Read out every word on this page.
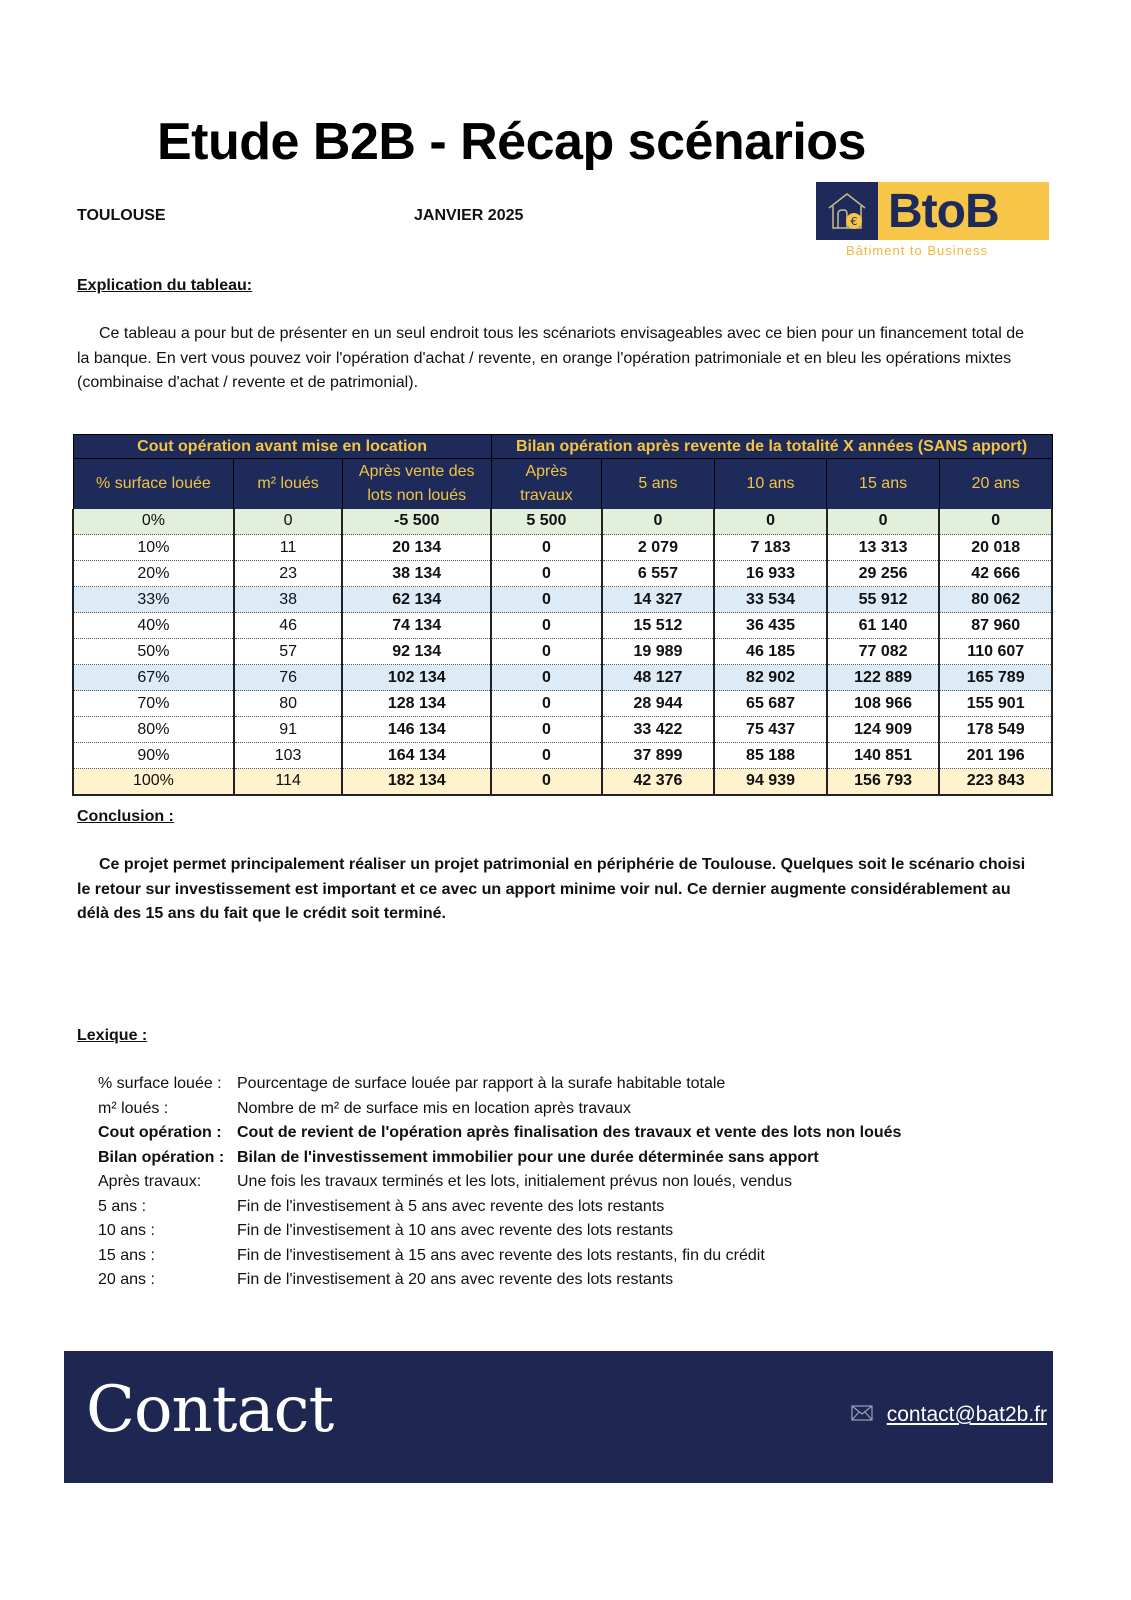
Etude B2B - Récap scénarios
TOULOUSE	JANVIER 2025	€ BtoB
Bâtiment to Business
Explication du tableau:
Ce tableau a pour but de présenter en un seul endroit tous les scénariots envisageables avec ce bien pour un financement total de la banque. En vert vous pouvez voir l'opération d'achat / revente, en orange l'opération patrimoniale et en bleu les opérations mixtes (combinaise d'achat / revente et de patrimonial).
Cout opération avant mise en location			Bilan opération après revente de la totalité X années (SANS apport)				
% surface louée	m² loués	Après vente des lots non loués	Après travaux	5 ans	10 ans	15 ans	20 ans
0%	0	-5 500	5 500	0	0	0	0
10%	11	20 134	0	2 079	7 183	13 313	20 018
20%	23	38 134	0	6 557	16 933	29 256	42 666
33%	38	62 134	0	14 327	33 534	55 912	80 062
40%	46	74 134	0	15 512	36 435	61 140	87 960
50%	57	92 134	0	19 989	46 185	77 082	110 607
67%	76	102 134	0	48 127	82 902	122 889	165 789
70%	80	128 134	0	28 944	65 687	108 966	155 901
80%	91	146 134	0	33 422	75 437	124 909	178 549
90%	103	164 134	0	37 899	85 188	140 851	201 196
100%	114	182 134	0	42 376	94 939	156 793	223 843
Conclusion :
Ce projet permet principalement réaliser un projet patrimonial en périphérie de Toulouse. Quelques soit le scénario choisi le retour sur investissement est important et ce avec un apport minime voir nul. Ce dernier augmente considérablement au délà des 15 ans du fait que le crédit soit terminé.
Lexique :
% surface louée : Pourcentage de surface louée par rapport à la surafe habitable totale
m² loués :	Nombre de m² de surface mis en location après travaux
Cout opération : Cout de revient de l'opération après finalisation des travaux et vente des lots non loués
Bilan opération : Bilan de l'investissement immobilier pour une durée déterminée sans apport
Après travaux:	Une fois les travaux terminés et les lots, initialement prévus non loués, vendus
5 ans :	Fin de l'investisement à 5 ans avec revente des lots restants
10 ans :	Fin de l'investisement à 10 ans avec revente des lots restants
15 ans :	Fin de l'investisement à 15 ans avec revente des lots restants, fin du crédit
20 ans :	Fin de l'investisement à 20 ans avec revente des lots restants
Contact	contact@bat2b.fr
